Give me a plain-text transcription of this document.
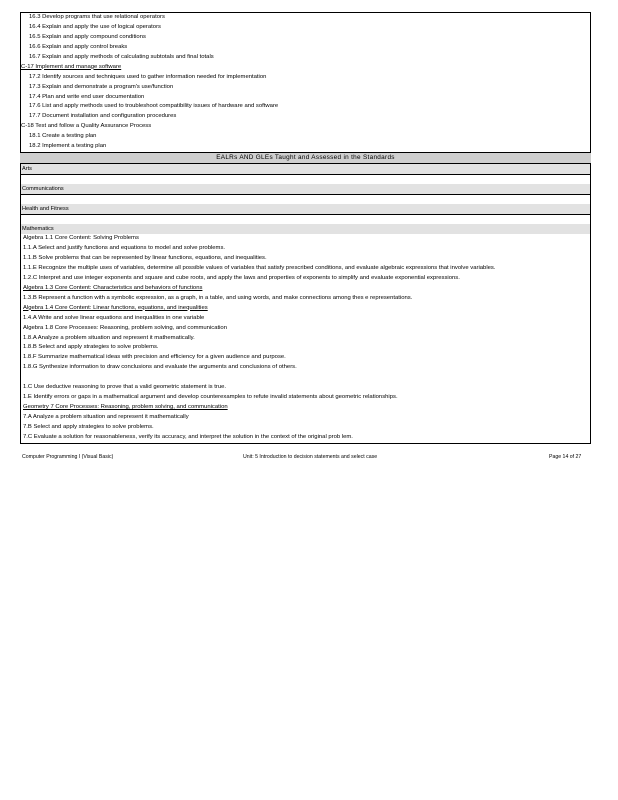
16.3 Develop programs that use relational operators
16.4 Explain and apply the use of logical operators
16.5 Explain and apply compound conditions
16.6 Explain and apply control breaks
16.7 Explain and apply methods of calculating subtotals and final totals
C-17 Implement and manage software
17.2 Identify sources and techniques used to gather information needed for implementation
17.3 Explain and demonstrate a program's use/function
17.4 Plan and write end user documentation
17.6 List and apply methods used to troubleshoot compatibility issues of hardware and software
17.7 Document installation and configuration procedures
C-18 Test and follow a Quality Assurance Process
18.1 Create a testing plan
18.2 Implement a testing plan
EALRs AND GLEs Taught and Assessed in the Standards
Arts
Communications
Health and Fitness
Mathematics
Algebra 1.1 Core Content: Solving Problems
1.1.A Select and justify functions and equations to model and solve problems.
1.1.B Solve problems that can be represented by linear functions, equations, and inequalities.
1.1.E Recognize the multiple uses of variables, determine all possible values of variables that satisfy prescribed conditions, and evaluate algebraic expressions that involve variables.
1.2.C Interpret and use integer exponents and square and cube roots, and apply the laws and properties of exponents to simplify and evaluate exponential expressions.
Algebra 1.3 Core Content: Characteristics and behaviors of functions
1.3.B Represent a function with a symbolic expression, as a graph, in a table, and using words, and make connections among thes e representations.
Algebra 1.4 Core Content: Linear functions, equations, and inequalities
1.4.A Write and solve linear equations and inequalities in one variable
Algebra 1.8 Core Processes: Reasoning, problem solving, and communication
1.8.A Analyze a problem situation and represent it mathematically.
1.8.B Select and apply strategies to solve problems.
1.8.F Summarize mathematical ideas with precision and efficiency for a given audience and purpose.
1.8.G Synthesize information to draw conclusions and evaluate the arguments and conclusions of others.
1.C Use deductive reasoning to prove that a valid geometric statement is true.
1.E Identify errors or gaps in a mathematical argument and develop counterexamples to refute invalid statements about geometric relationships.
Geometry 7 Core Processes: Reasoning, problem solving, and communication
7.A Analyze a problem situation and represent it mathematically
7.B Select and apply strategies to solve problems.
7.C Evaluate a solution for reasonableness, verify its accuracy, and interpret the solution in the context of the original prob lem.
Computer Programming I (Visual Basic)	Unit: 5 Introduction to decision statements and select case	Page 14 of 27
